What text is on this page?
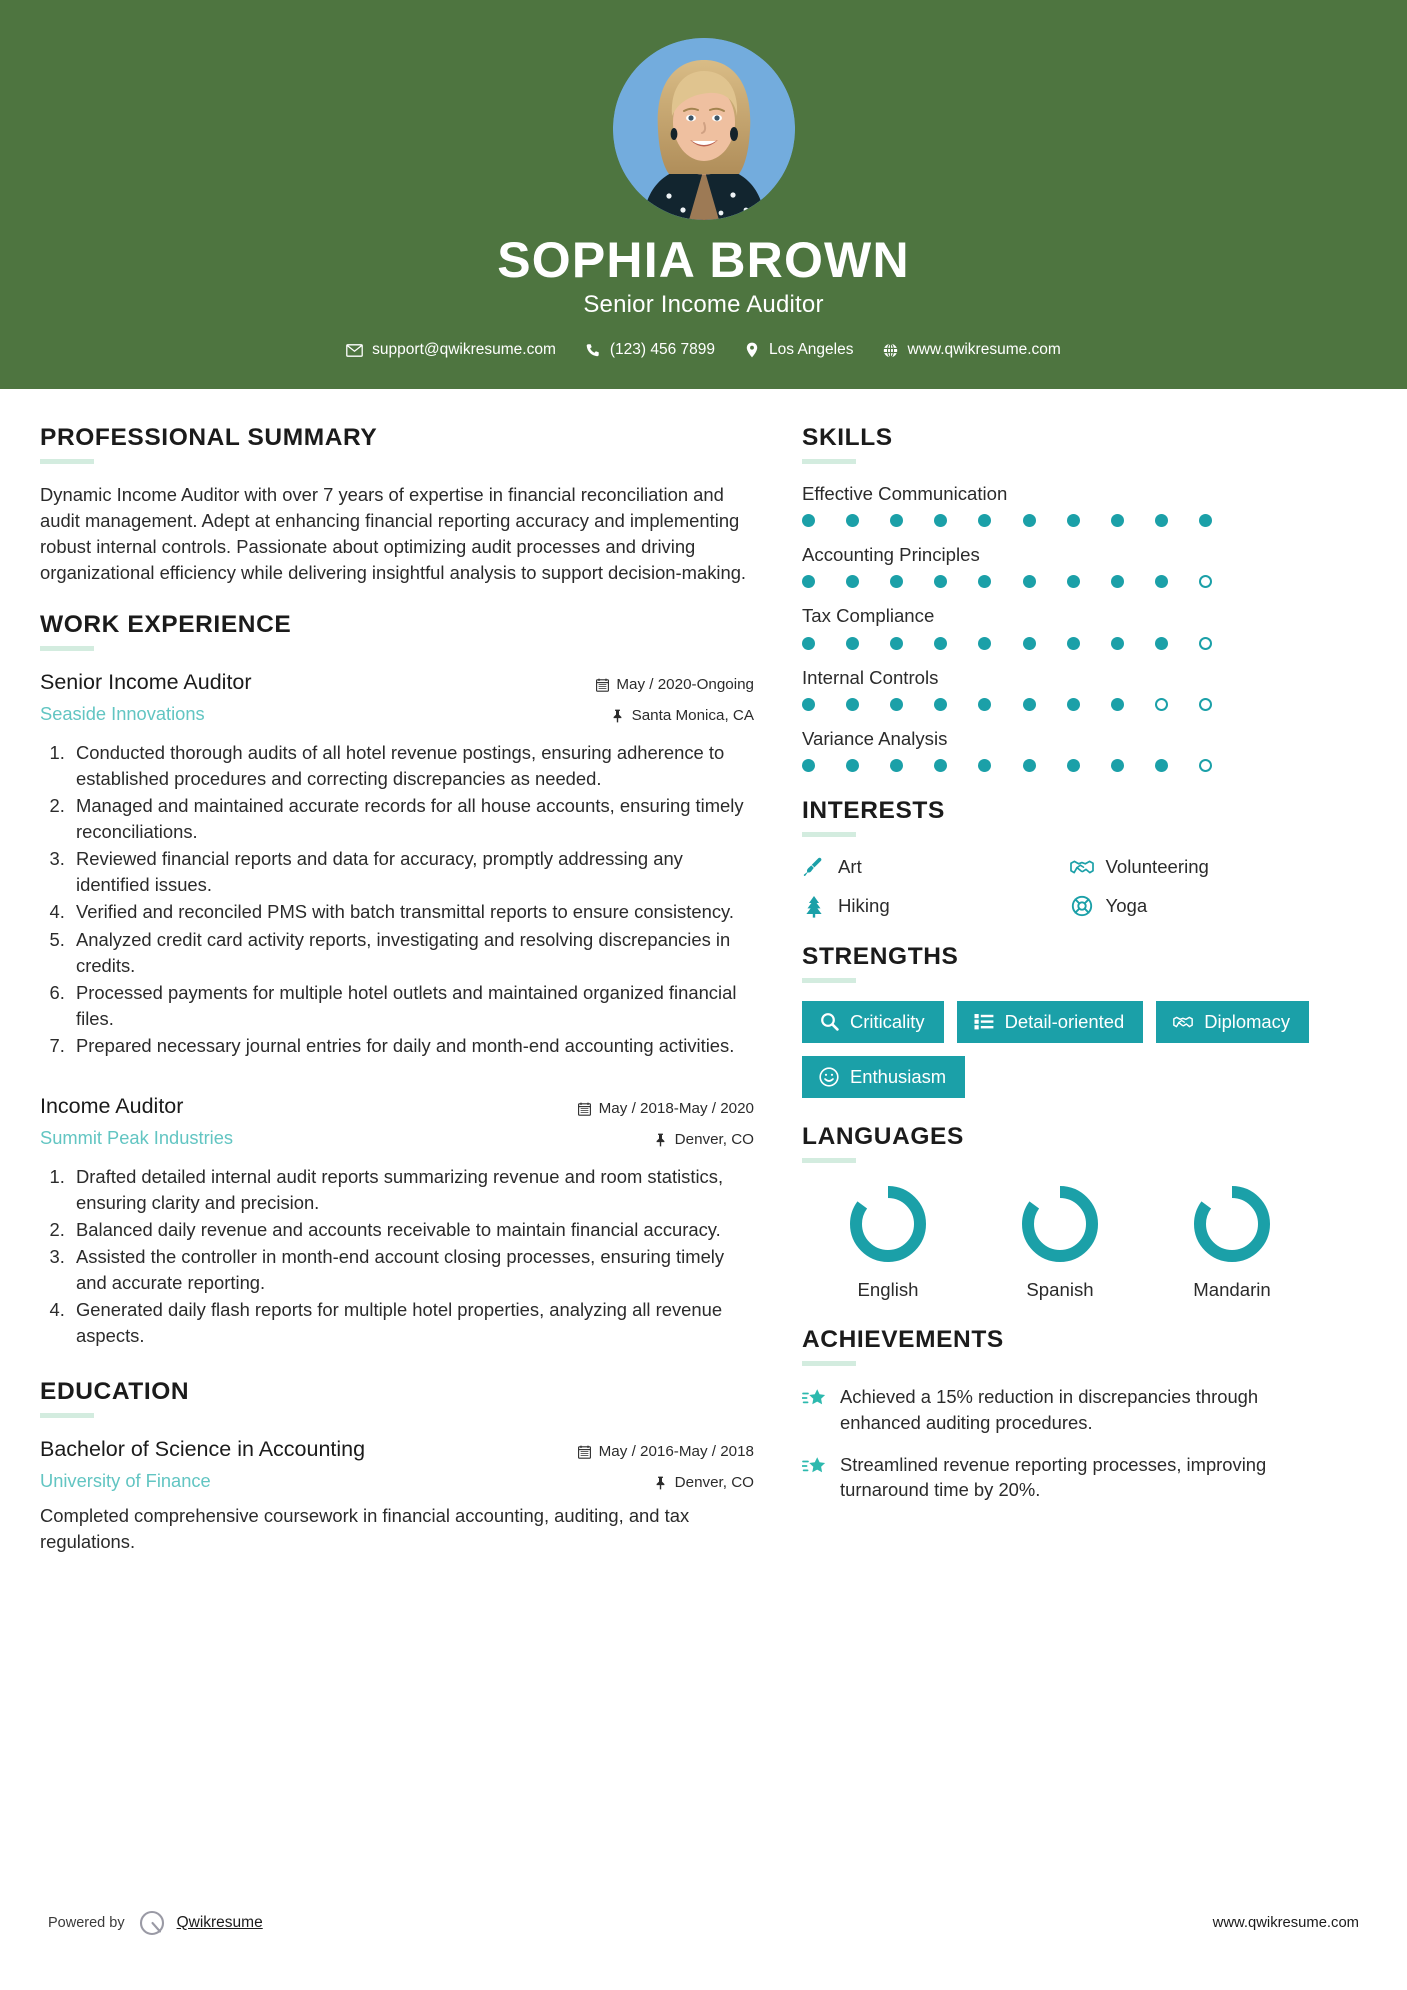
SOPHIA BROWN
Senior Income Auditor
support@qwikresume.com	(123) 456 7899	Los Angeles	www.qwikresume.com
PROFESSIONAL SUMMARY
Dynamic Income Auditor with over 7 years of expertise in financial reconciliation and audit management. Adept at enhancing financial reporting accuracy and implementing robust internal controls. Passionate about optimizing audit processes and driving organizational efficiency while delivering insightful analysis to support decision-making.
WORK EXPERIENCE
Senior Income Auditor
Seaside Innovations
May / 2020-Ongoing
Santa Monica, CA
1. Conducted thorough audits of all hotel revenue postings, ensuring adherence to established procedures and correcting discrepancies as needed.
2. Managed and maintained accurate records for all house accounts, ensuring timely reconciliations.
3. Reviewed financial reports and data for accuracy, promptly addressing any identified issues.
4. Verified and reconciled PMS with batch transmittal reports to ensure consistency.
5. Analyzed credit card activity reports, investigating and resolving discrepancies in credits.
6. Processed payments for multiple hotel outlets and maintained organized financial files.
7. Prepared necessary journal entries for daily and month-end accounting activities.
Income Auditor
Summit Peak Industries
May / 2018-May / 2020
Denver, CO
1. Drafted detailed internal audit reports summarizing revenue and room statistics, ensuring clarity and precision.
2. Balanced daily revenue and accounts receivable to maintain financial accuracy.
3. Assisted the controller in month-end account closing processes, ensuring timely and accurate reporting.
4. Generated daily flash reports for multiple hotel properties, analyzing all revenue aspects.
EDUCATION
Bachelor of Science in Accounting
University of Finance
May / 2016-May / 2018
Denver, CO
Completed comprehensive coursework in financial accounting, auditing, and tax regulations.
SKILLS
Effective Communication
Accounting Principles
Tax Compliance
Internal Controls
Variance Analysis
INTERESTS
Art	Volunteering
Hiking	Yoga
STRENGTHS
Criticality	Detail-oriented	Diplomacy
Enthusiasm
LANGUAGES
English	Spanish	Mandarin
ACHIEVEMENTS
Achieved a 15% reduction in discrepancies through enhanced auditing procedures.
Streamlined revenue reporting processes, improving turnaround time by 20%.
Powered by	Qwikresume	www.qwikresume.com
